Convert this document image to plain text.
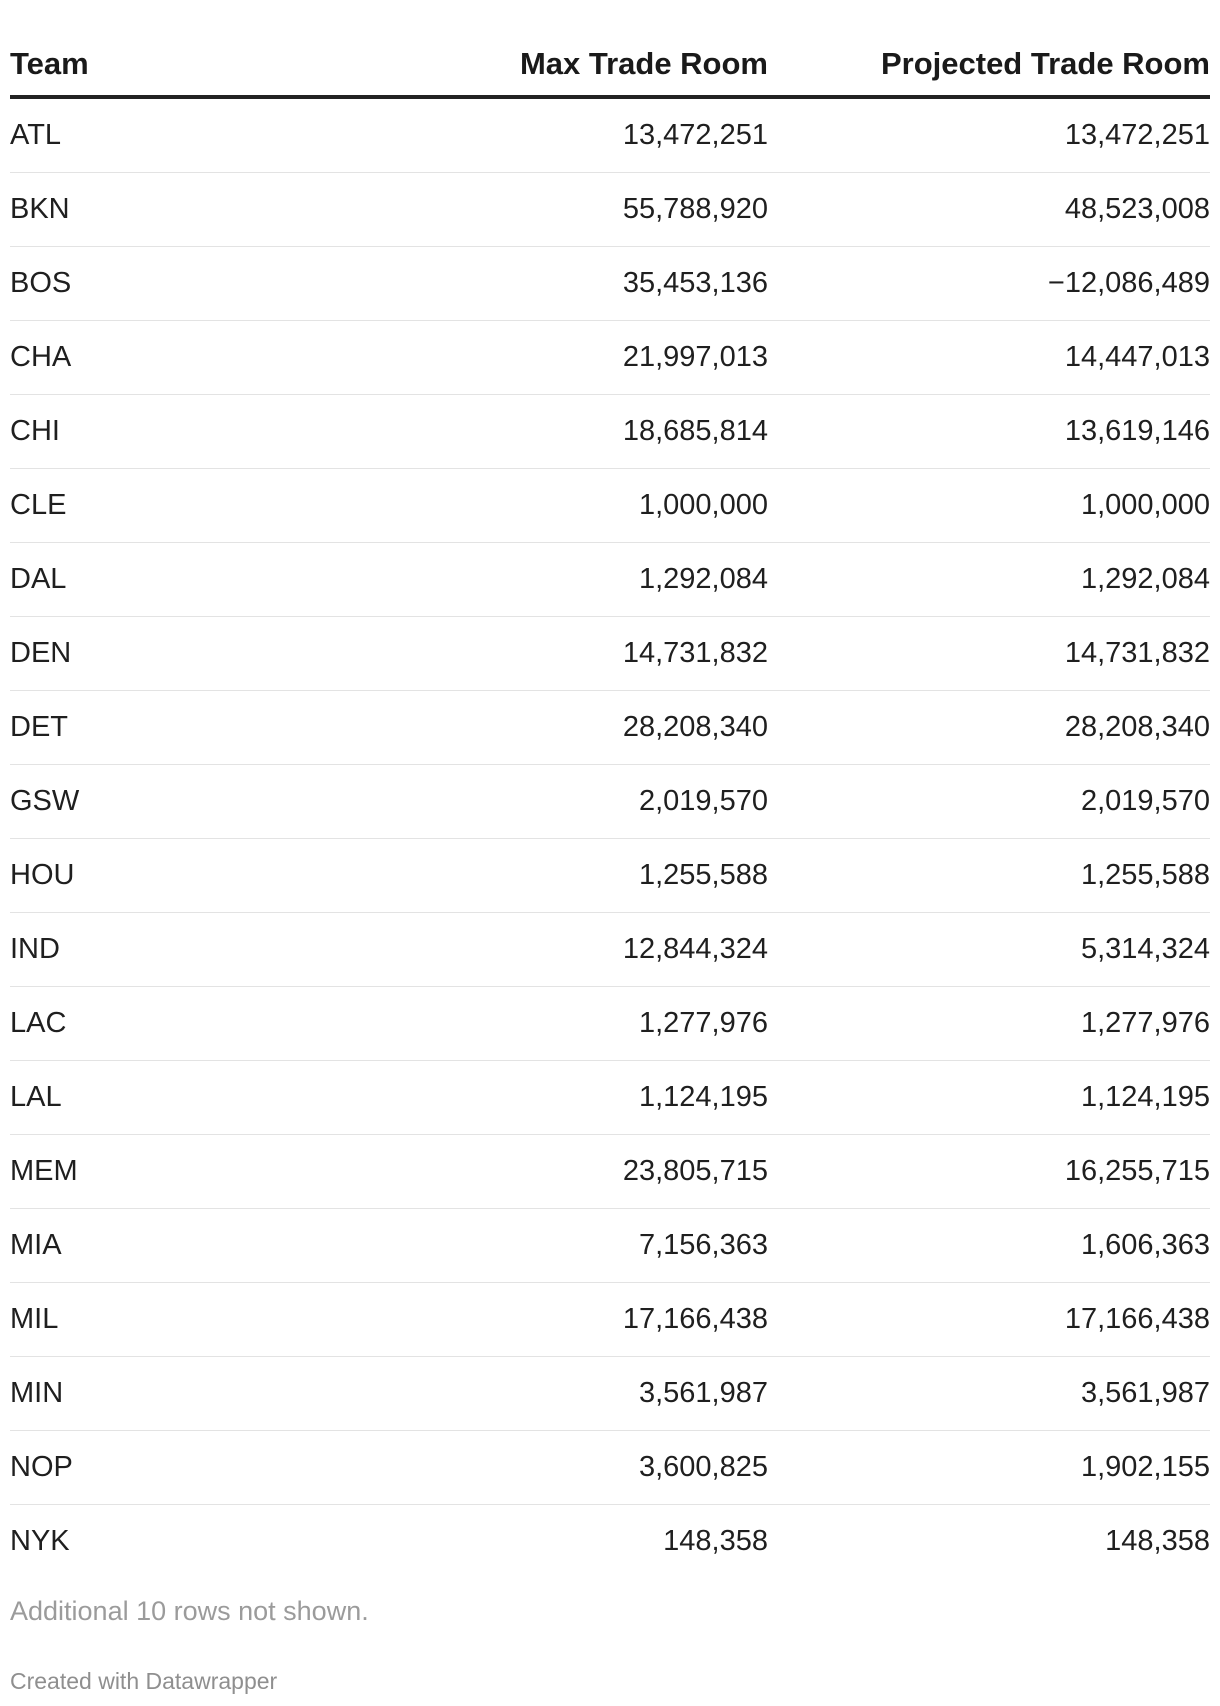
Team	Max Trade Room	Projected Trade Room
ATL	13,472,251	13,472,251
BKN	55,788,920	48,523,008
BOS	35,453,136	−12,086,489
CHA	21,997,013	14,447,013
CHI	18,685,814	13,619,146
CLE	1,000,000	1,000,000
DAL	1,292,084	1,292,084
DEN	14,731,832	14,731,832
DET	28,208,340	28,208,340
GSW	2,019,570	2,019,570
HOU	1,255,588	1,255,588
IND	12,844,324	5,314,324
LAC	1,277,976	1,277,976
LAL	1,124,195	1,124,195
MEM	23,805,715	16,255,715
MIA	7,156,363	1,606,363
MIL	17,166,438	17,166,438
MIN	3,561,987	3,561,987
NOP	3,600,825	1,902,155
NYK	148,358	148,358

Additional 10 rows not shown.

Created with Datawrapper
